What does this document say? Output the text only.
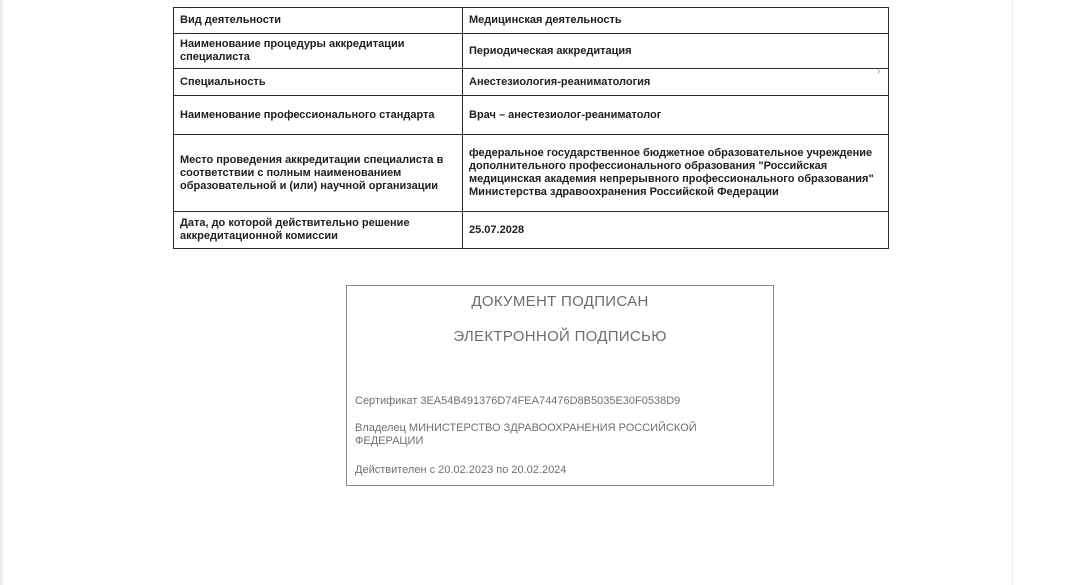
Вид деятельности	Медицинская деятельность
Наименование процедуры аккредитации специалиста	Периодическая аккредитация
Специальность	Анестезиология-реаниматология
Наименование профессионального стандарта	Врач – анестезиолог-реаниматолог
Место проведения аккредитации специалиста в соответствии с полным наименованием образовательной и (или) научной организации	федеральное государственное бюджетное образовательное учреждение дополнительного профессионального образования "Российская медицинская академия непрерывного профессионального образования" Министерства здравоохранения Российской Федерации
Дата, до которой действительно решение аккредитационной комиссии	25.07.2028
›
ДОКУМЕНТ ПОДПИСАН
ЭЛЕКТРОННОЙ ПОДПИСЬЮ
Сертификат 3EA54B491376D74FEA74476D8B5035E30F0538D9
Владелец МИНИСТЕРСТВО ЗДРАВООХРАНЕНИЯ РОССИЙСКОЙ ФЕДЕРАЦИИ
Действителен с 20.02.2023 по 20.02.2024
